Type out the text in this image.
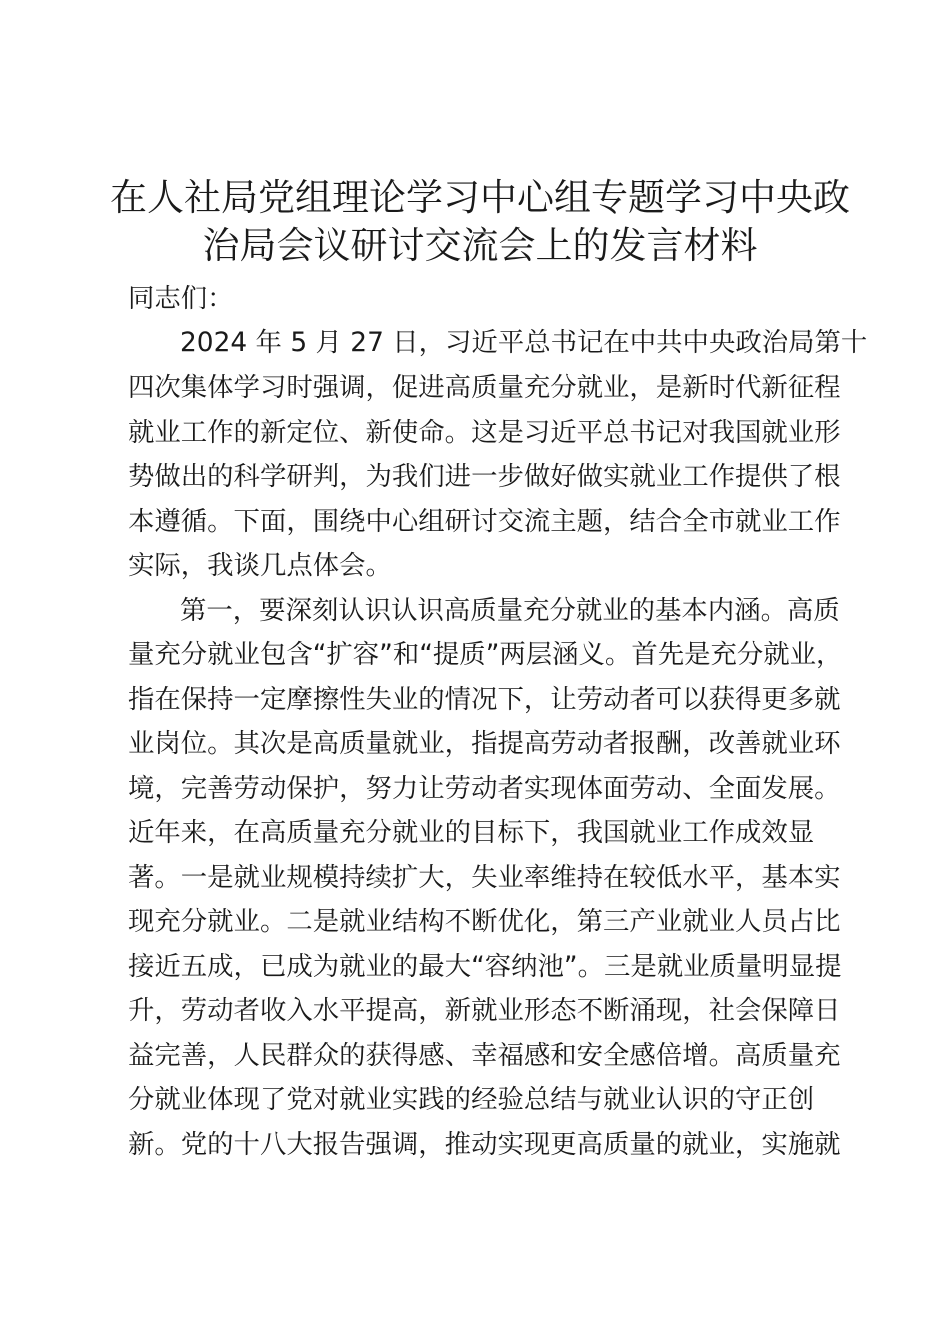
在人社局党组理论学习中心组专题学习中央政
治局会议研讨交流会上的发言材料

同志们：

2024 年 5 月 27 日，习近平总书记在中共中央政治局第十

四次集体学习时强调，促进高质量充分就业，是新时代新征程

就业工作的新定位、新使命。这是习近平总书记对我国就业形

势做出的科学研判，为我们进一步做好做实就业工作提供了根

本遵循。下面，围绕中心组研讨交流主题，结合全市就业工作

实际，我谈几点体会。

第一，要深刻认识认识高质量充分就业的基本内涵。高质

量充分就业包含“扩容”和“提质”两层涵义。首先是充分就业，

指在保持一定摩擦性失业的情况下，让劳动者可以获得更多就

业岗位。其次是高质量就业，指提高劳动者报酬，改善就业环

境，完善劳动保护，努力让劳动者实现体面劳动、全面发展。

近年来，在高质量充分就业的目标下，我国就业工作成效显

著。一是就业规模持续扩大，失业率维持在较低水平，基本实

现充分就业。二是就业结构不断优化，第三产业就业人员占比

接近五成，已成为就业的最大“容纳池”。三是就业质量明显提

升，劳动者收入水平提高，新就业形态不断涌现，社会保障日

益完善，人民群众的获得感、幸福感和安全感倍增。高质量充

分就业体现了党对就业实践的经验总结与就业认识的守正创

新。党的十八大报告强调，推动实现更高质量的就业，实施就
